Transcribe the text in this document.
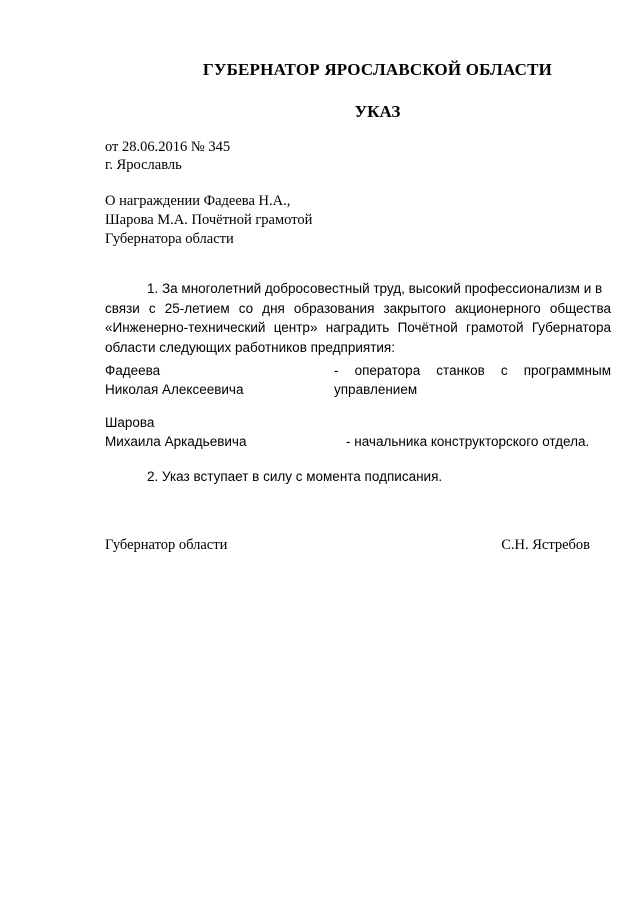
ГУБЕРНАТОР ЯРОСЛАВСКОЙ ОБЛАСТИ
УКАЗ
от 28.06.2016 № 345
г. Ярославль
О награждении Фадеева Н.А.,
Шарова М.А. Почётной грамотой
Губернатора области
1. За многолетний добросовестный труд, высокий профессионализм и в
связи с 25-летием со дня образования закрытого акционерного общества «Инженерно-технический центр» наградить Почётной грамотой Губернатора области следующих работников предприятия:
Фадеева
Николая Алексеевича
- оператора станков с программным управлением
Шарова
Михаила Аркадьевича	- начальника конструкторского отдела.
2. Указ вступает в силу с момента подписания.
Губернатор области	С.Н. Ястребов
